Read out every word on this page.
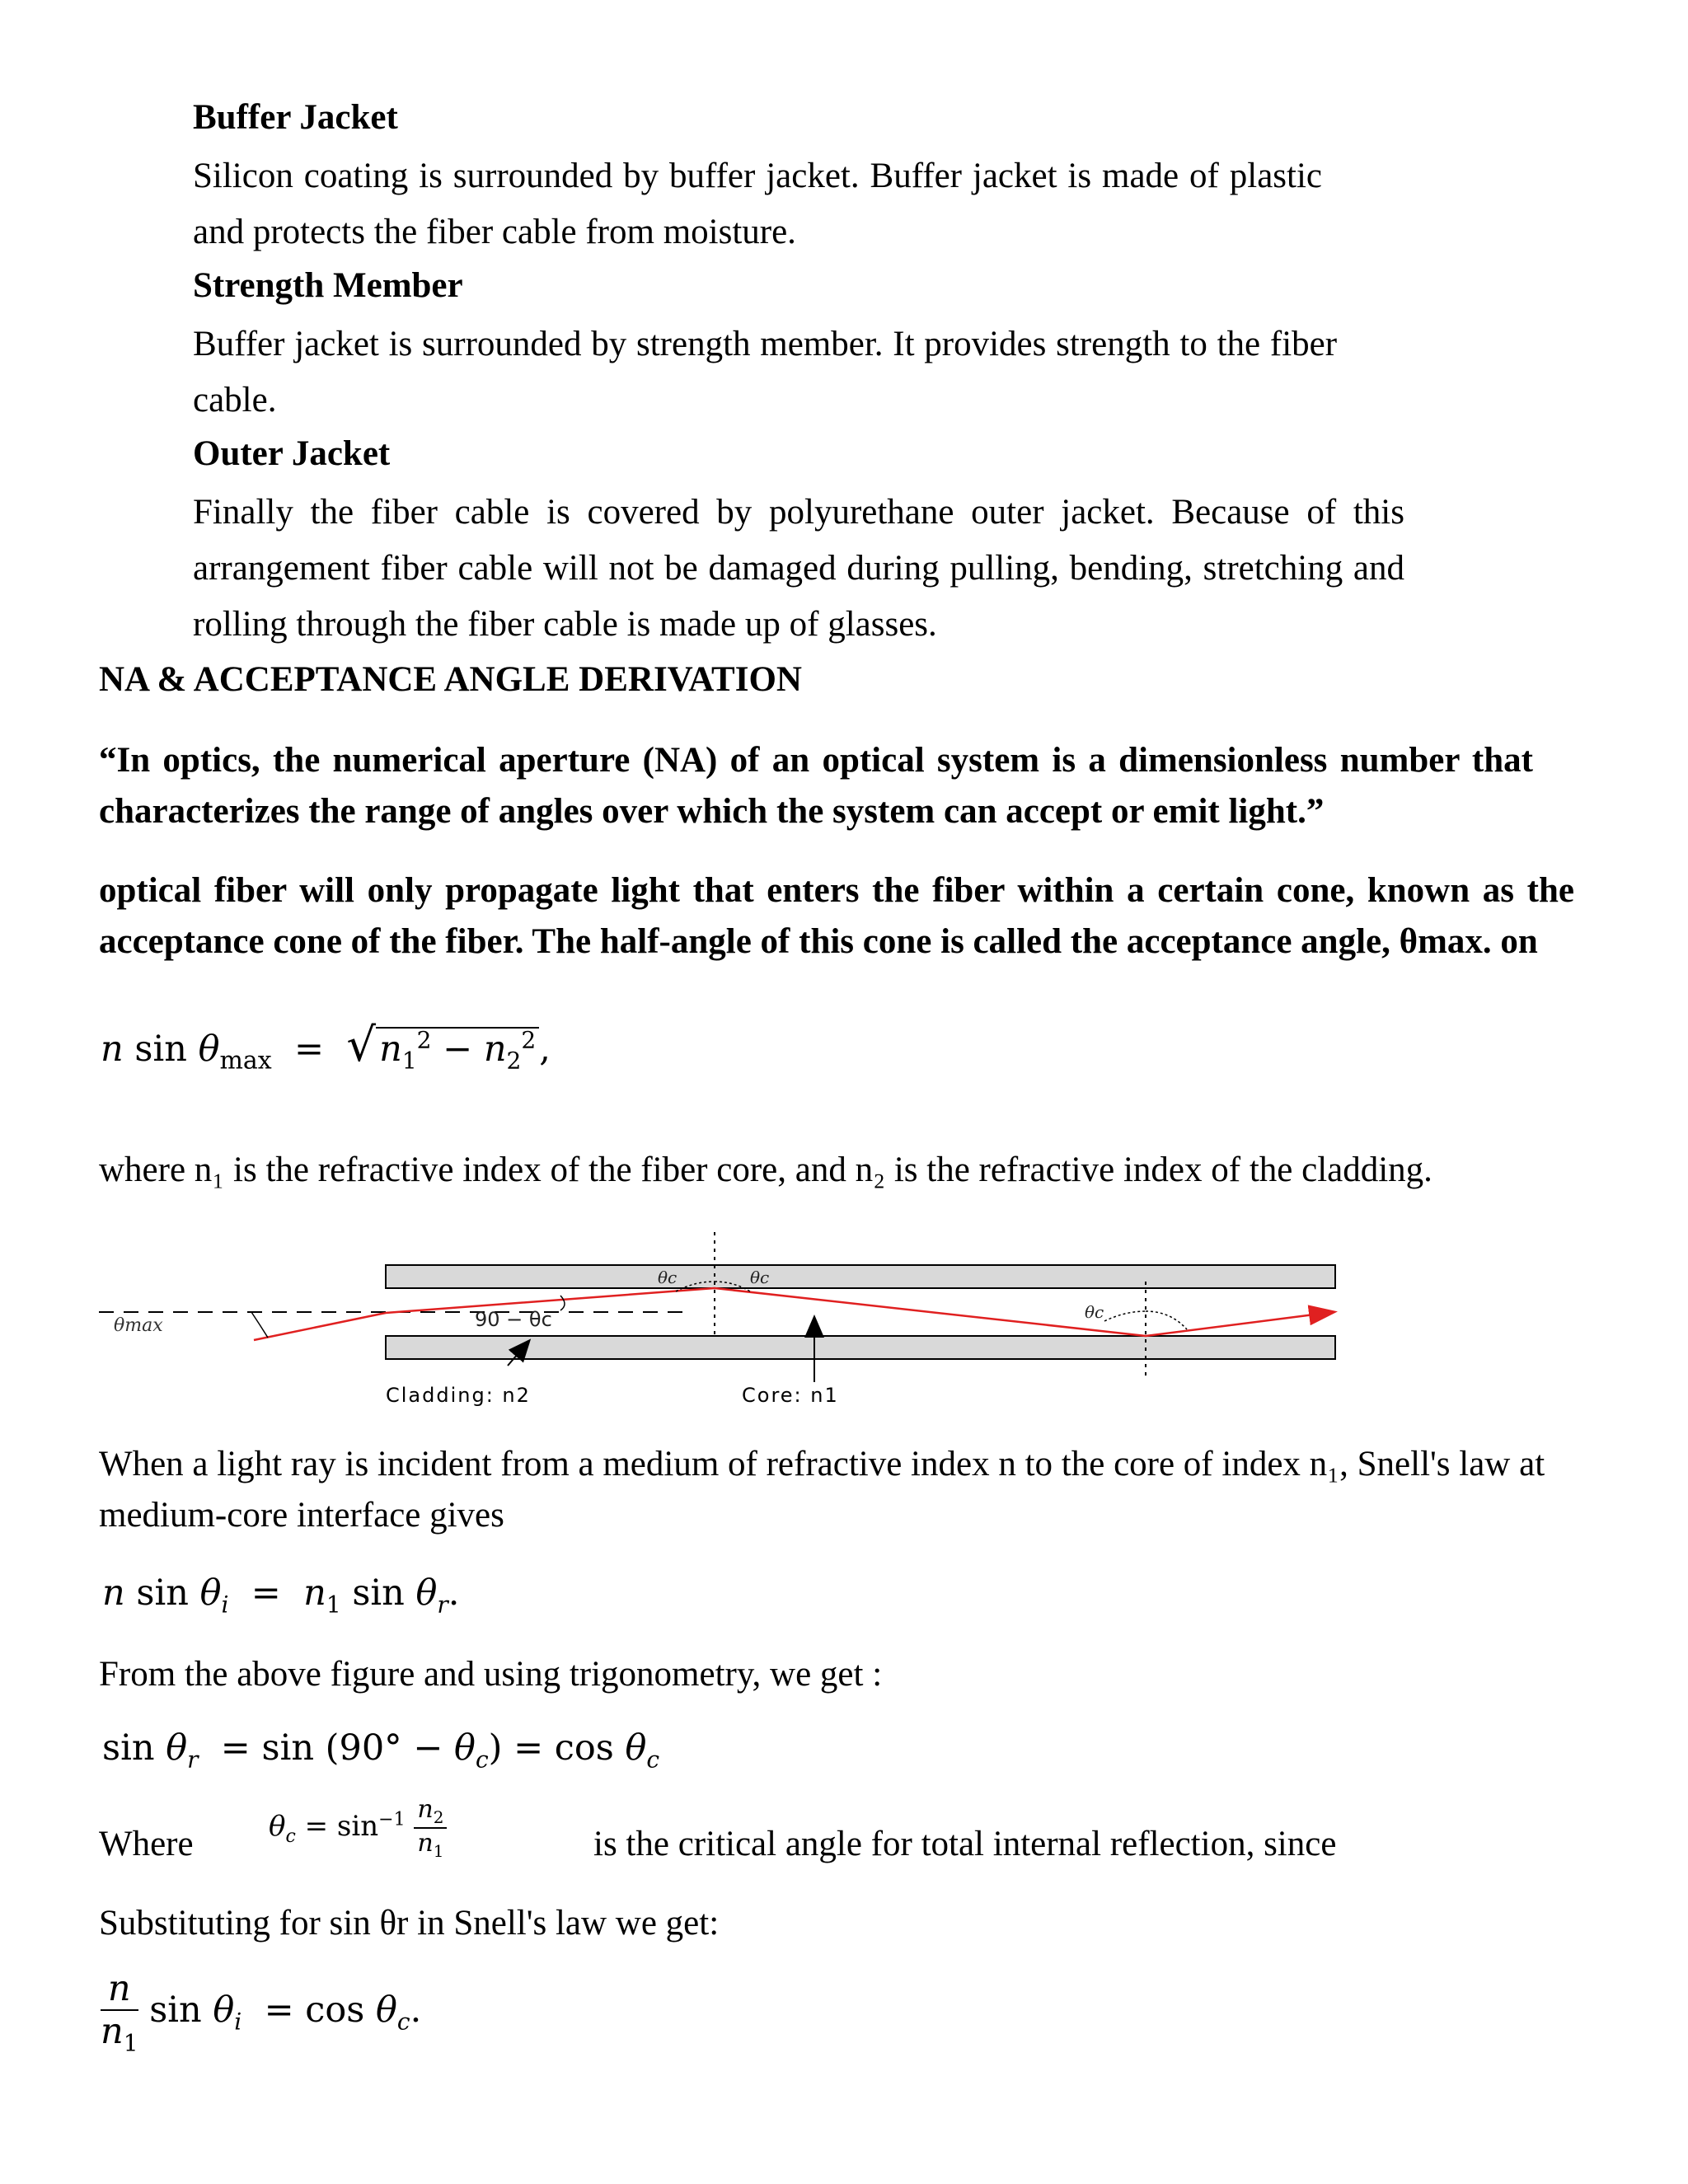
Buffer Jacket
Silicon coating is surrounded by buffer jacket. Buffer jacket is made of plastic and protects the fiber cable from moisture.
Strength Member
Buffer jacket is surrounded by strength member. It provides strength to the fiber cable.
Outer Jacket
Finally the fiber cable is covered by polyurethane outer jacket. Because of this arrangement fiber cable will not be damaged during pulling, bending, stretching and rolling through the fiber cable is made up of glasses.
NA & ACCEPTANCE ANGLE DERIVATION
“In optics, the numerical aperture (NA) of an optical system is a dimensionless number that characterizes the range of angles over which the system can accept or emit light.”
optical fiber will only propagate light that enters the fiber within a certain cone, known as the acceptance cone of the fiber. The half-angle of this cone is called the acceptance angle, θmax. on
n $\sin \theta_{max} = √n_1^2 - n_2^2$,
where n₁ is the refractive index of the fiber core, and n₂ is the refractive index of the cladding.
θmax	90 − θc
θc	θc
θc
Cladding: n2	Core: n1
When a light ray is incident from a medium of refractive index n to the core of index n₁, Snell's law at medium-core interface gives
n $\sin \theta_i = n_1$ $\sin \theta_r$.
From the above figure and using trigonometry, we get :
$\sin \theta_r = \sin (90^\circ - \theta_c) = \cos \theta_c$
Where	$\theta_c = \sin^{-1} \frac{n_2}{n_1}$	is the critical angle for total internal reflection, since
Substituting for sin θr in Snell's law we get:
$\frac{n}{n_1}$ $\sin \theta_i = \cos \theta_c$.
